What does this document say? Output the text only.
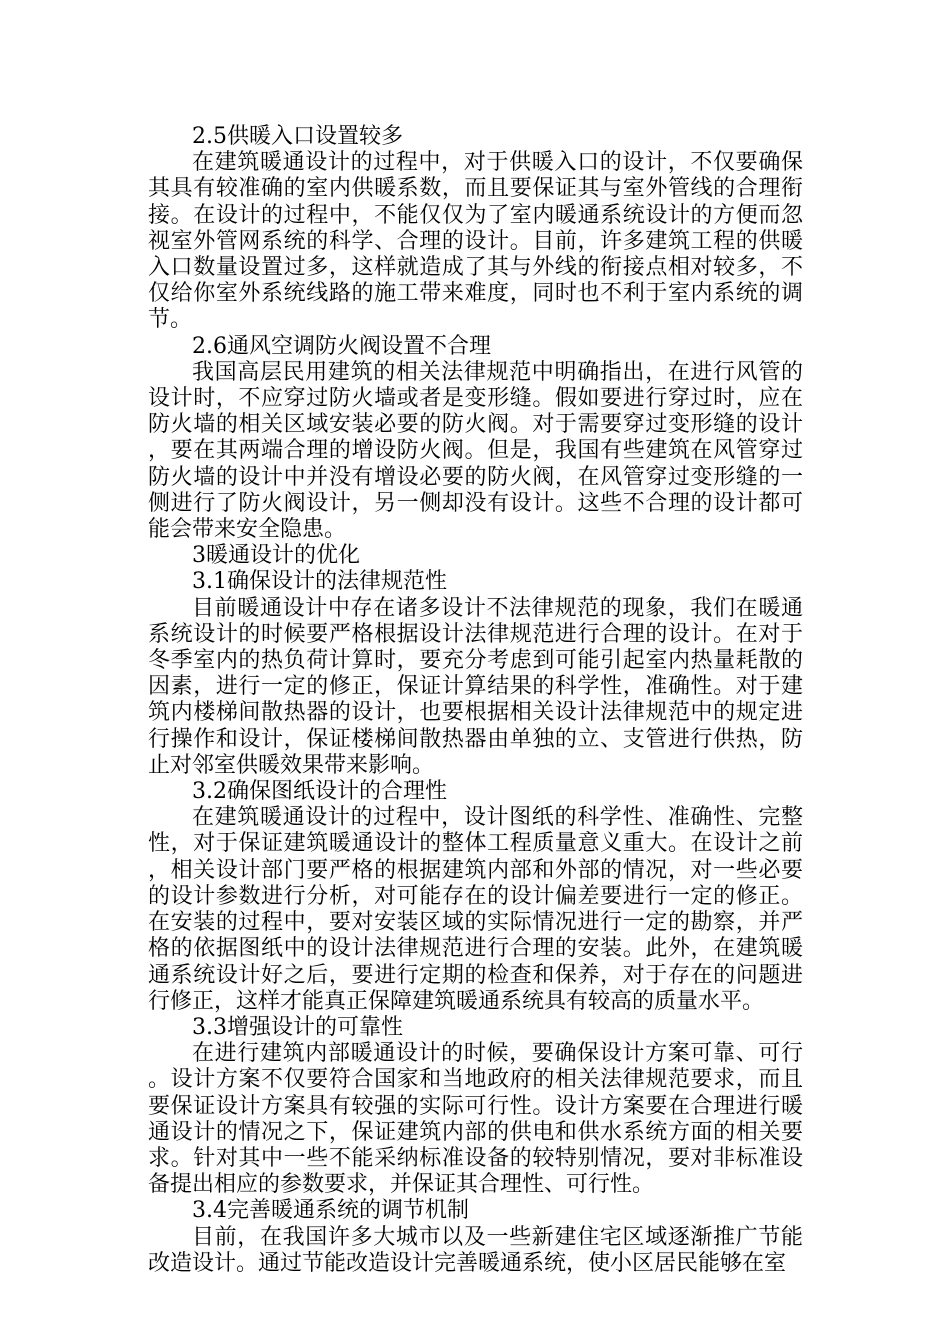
2.5供暖入口设置较多

在建筑暖通设计的过程中，对于供暖入口的设计，不仅要确保其具有较准确的室内供暖系数，而且要保证其与室外管线的合理衔接。在设计的过程中，不能仅仅为了室内暖通系统设计的方便而忽视室外管网系统的科学、合理的设计。目前，许多建筑工程的供暖入口数量设置过多，这样就造成了其与外线的衔接点相对较多，不仅给你室外系统线路的施工带来难度，同时也不利于室内系统的调节。

2.6通风空调防火阀设置不合理

我国高层民用建筑的相关法律规范中明确指出，在进行风管的设计时，不应穿过防火墙或者是变形缝。假如要进行穿过时，应在防火墙的相关区域安装必要的防火阀。对于需要穿过变形缝的设计，要在其两端合理的增设防火阀。但是，我国有些建筑在风管穿过防火墙的设计中并没有增设必要的防火阀，在风管穿过变形缝的一侧进行了防火阀设计，另一侧却没有设计。这些不合理的设计都可能会带来安全隐患。

3暖通设计的优化

3.1确保设计的法律规范性

目前暖通设计中存在诸多设计不法律规范的现象，我们在暖通系统设计的时候要严格根据设计法律规范进行合理的设计。在对于冬季室内的热负荷计算时，要充分考虑到可能引起室内热量耗散的因素，进行一定的修正，保证计算结果的科学性，准确性。对于建筑内楼梯间散热器的设计，也要根据相关设计法律规范中的规定进行操作和设计，保证楼梯间散热器由单独的立、支管进行供热，防止对邻室供暖效果带来影响。

3.2确保图纸设计的合理性

在建筑暖通设计的过程中，设计图纸的科学性、准确性、完整性，对于保证建筑暖通设计的整体工程质量意义重大。在设计之前，相关设计部门要严格的根据建筑内部和外部的情况，对一些必要的设计参数进行分析，对可能存在的设计偏差要进行一定的修正。在安装的过程中，要对安装区域的实际情况进行一定的勘察，并严格的依据图纸中的设计法律规范进行合理的安装。此外，在建筑暖通系统设计好之后，要进行定期的检查和保养，对于存在的问题进行修正，这样才能真正保障建筑暖通系统具有较高的质量水平。

3.3增强设计的可靠性

在进行建筑内部暖通设计的时候，要确保设计方案可靠、可行。设计方案不仅要符合国家和当地政府的相关法律规范要求，而且要保证设计方案具有较强的实际可行性。设计方案要在合理进行暖通设计的情况之下，保证建筑内部的供电和供水系统方面的相关要求。针对其中一些不能采纳标准设备的较特别情况，要对非标准设备提出相应的参数要求，并保证其合理性、可行性。

3.4完善暖通系统的调节机制

目前，在我国许多大城市以及一些新建住宅区域逐渐推广节能改造设计。通过节能改造设计完善暖通系统，使小区居民能够在室
